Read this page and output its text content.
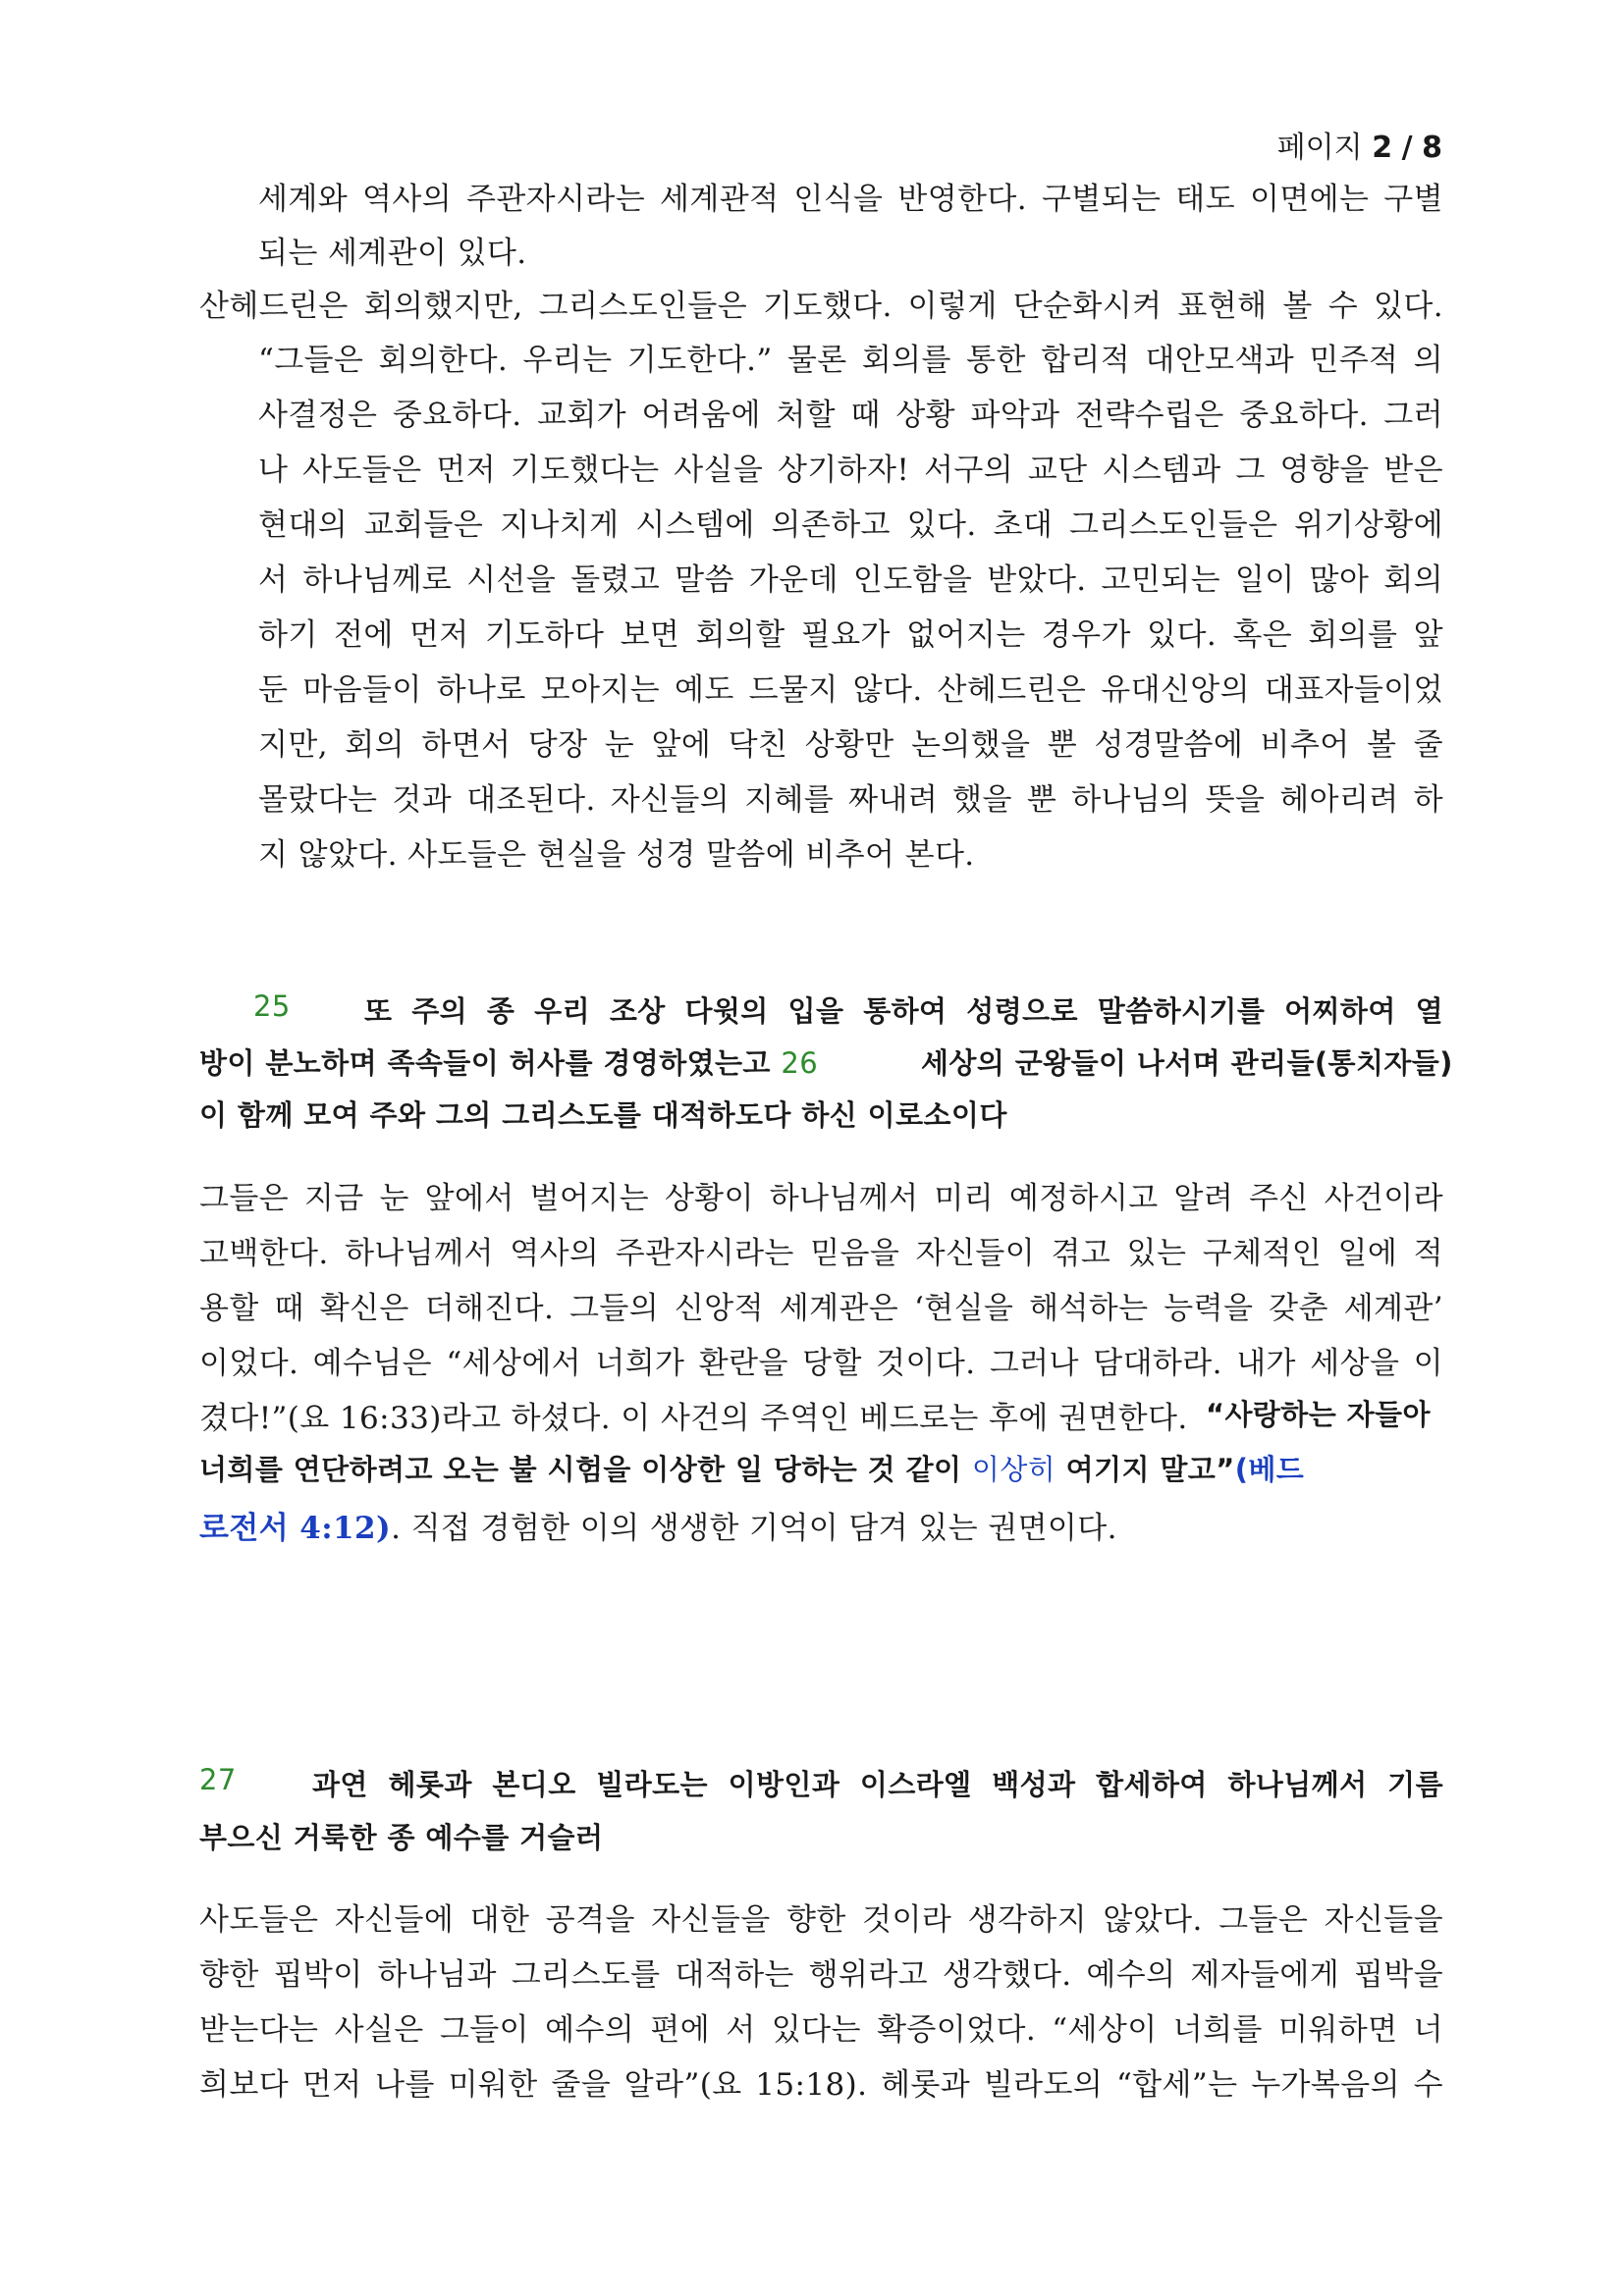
페이지 2 / 8
세계와 역사의 주관자시라는 세계관적 인식을 반영한다. 구별되는 태도 이면에는 구별
되는 세계관이 있다.
산헤드린은 회의했지만, 그리스도인들은 기도했다. 이렇게 단순화시켜 표현해 볼 수 있다.
“그들은 회의한다. 우리는 기도한다.” 물론 회의를 통한 합리적 대안모색과 민주적 의
사결정은 중요하다. 교회가 어려움에 처할 때 상황 파악과 전략수립은 중요하다. 그러
나 사도들은 먼저 기도했다는 사실을 상기하자! 서구의 교단 시스템과 그 영향을 받은
현대의 교회들은 지나치게 시스템에 의존하고 있다. 초대 그리스도인들은 위기상황에
서 하나님께로 시선을 돌렸고 말씀 가운데 인도함을 받았다. 고민되는 일이 많아 회의
하기 전에 먼저 기도하다 보면 회의할 필요가 없어지는 경우가 있다. 혹은 회의를 앞
둔 마음들이 하나로 모아지는 예도 드물지 않다. 산헤드린은 유대신앙의 대표자들이었
지만, 회의 하면서 당장 눈 앞에 닥친 상황만 논의했을 뿐 성경말씀에 비추어 볼 줄
몰랐다는 것과 대조된다. 자신들의 지혜를 짜내려 했을 뿐 하나님의 뜻을 헤아리려 하
지 않았다. 사도들은 현실을 성경 말씀에 비추어 본다.
25	또 주의 종 우리 조상 다윗의 입을 통하여 성령으로 말씀하시기를 어찌하여 열
방이 분노하며 족속들이 허사를 경영하였는고 26	세상의 군왕들이 나서며 관리들(통치자들)
이 함께 모여 주와 그의 그리스도를 대적하도다 하신 이로소이다
그들은 지금 눈 앞에서 벌어지는 상황이 하나님께서 미리 예정하시고 알려 주신 사건이라
고백한다. 하나님께서 역사의 주관자시라는 믿음을 자신들이 겪고 있는 구체적인 일에 적
용할 때 확신은 더해진다. 그들의 신앙적 세계관은 ‘현실을 해석하는 능력을 갖춘 세계관’
이었다. 예수님은 “세상에서 너희가 환란을 당할 것이다. 그러나 담대하라. 내가 세상을 이
겼다!”(요 16:33)라고 하셨다. 이 사건의 주역인 베드로는 후에 권면한다. “사랑하는 자들아
너희를 연단하려고 오는 불 시험을 이상한 일 당하는 것 같이 이상히 여기지 말고”(베드
로전서 4:12). 직접 경험한 이의 생생한 기억이 담겨 있는 권면이다.
27	과연 헤롯과 본디오 빌라도는 이방인과 이스라엘 백성과 합세하여 하나님께서 기름
부으신 거룩한 종 예수를 거슬러
사도들은 자신들에 대한 공격을 자신들을 향한 것이라 생각하지 않았다. 그들은 자신들을
향한 핍박이 하나님과 그리스도를 대적하는 행위라고 생각했다. 예수의 제자들에게 핍박을
받는다는 사실은 그들이 예수의 편에 서 있다는 확증이었다. “세상이 너희를 미워하면 너
희보다 먼저 나를 미워한 줄을 알라”(요 15:18). 헤롯과 빌라도의 “합세”는 누가복음의 수
